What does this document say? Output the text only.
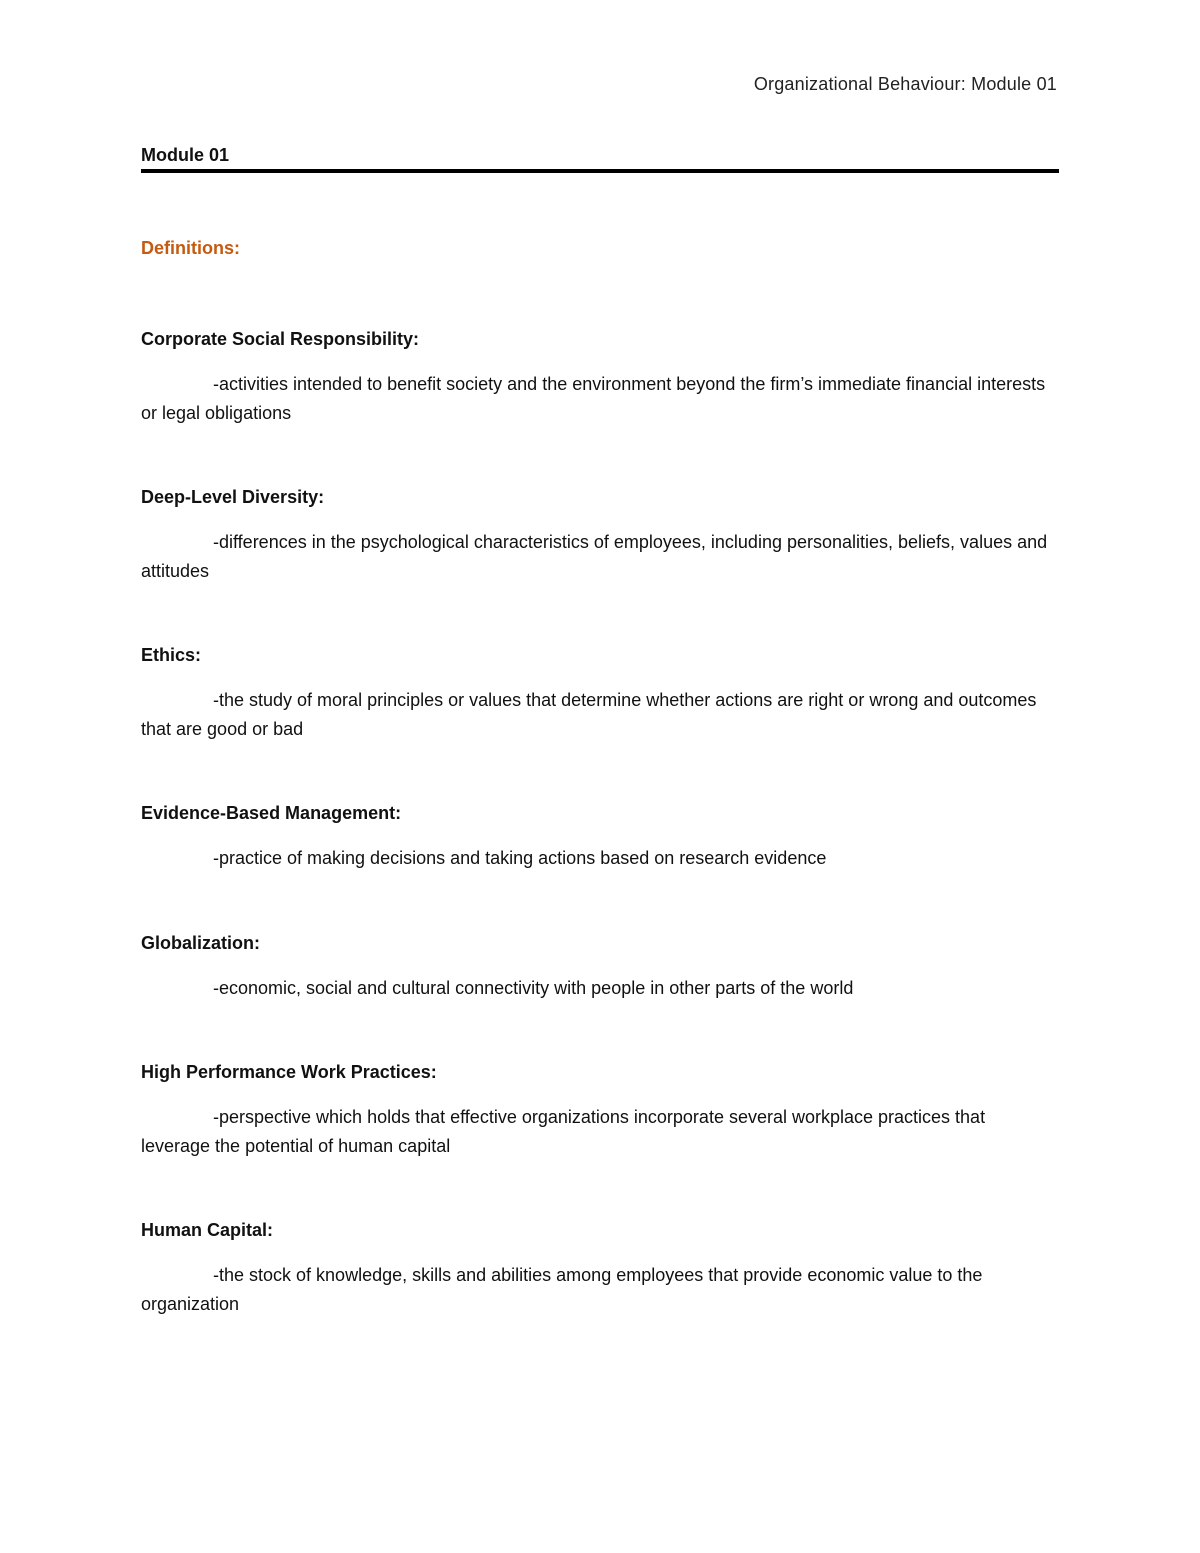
Organizational Behaviour: Module 01
Module 01
Definitions:
Corporate Social Responsibility:

-activities intended to benefit society and the environment beyond the firm’s immediate financial interests or legal obligations

Deep-Level Diversity:

-differences in the psychological characteristics of employees, including personalities, beliefs, values and attitudes

Ethics:

-the study of moral principles or values that determine whether actions are right or wrong and outcomes that are good or bad

Evidence-Based Management:

-practice of making decisions and taking actions based on research evidence

Globalization:

-economic, social and cultural connectivity with people in other parts of the world

High Performance Work Practices:

-perspective which holds that effective organizations incorporate several workplace practices that leverage the potential of human capital

Human Capital:

-the stock of knowledge, skills and abilities among employees that provide economic value to the organization
